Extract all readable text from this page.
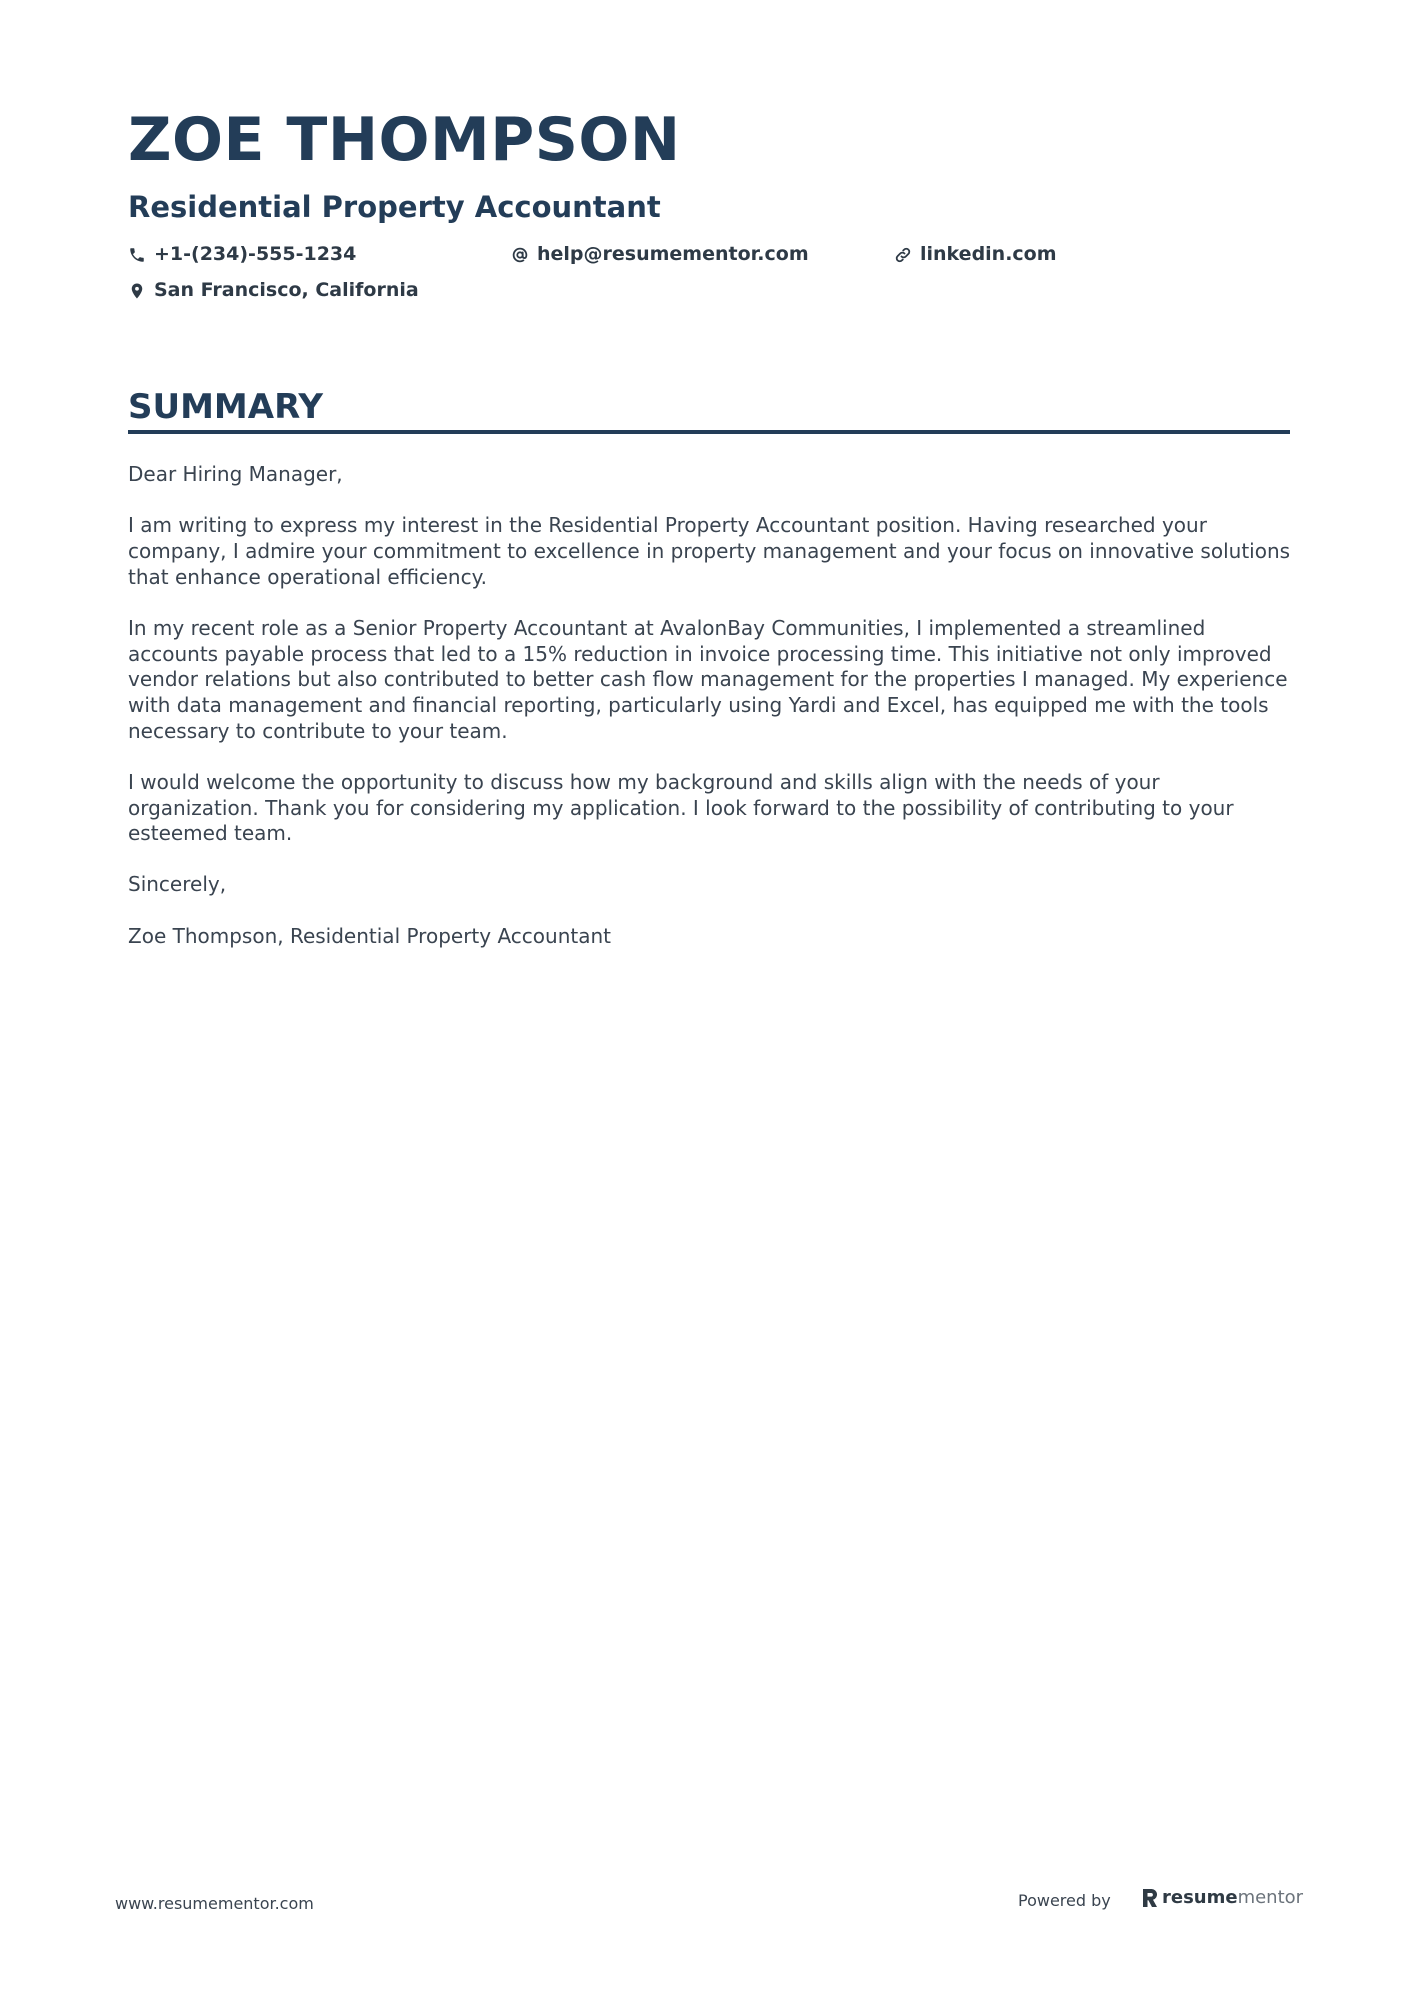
ZOE THOMPSON
Residential Property Accountant
+1-(234)-555-1234	help@resumementor.com	linkedin.com
San Francisco, California
SUMMARY

Dear Hiring Manager,

I am writing to express my interest in the Residential Property Accountant position. Having researched your company, I admire your commitment to excellence in property management and your focus on innovative solutions that enhance operational efficiency.

In my recent role as a Senior Property Accountant at AvalonBay Communities, I implemented a streamlined accounts payable process that led to a 15% reduction in invoice processing time. This initiative not only improved vendor relations but also contributed to better cash flow management for the properties I managed. My experience with data management and financial reporting, particularly using Yardi and Excel, has equipped me with the tools necessary to contribute to your team.

I would welcome the opportunity to discuss how my background and skills align with the needs of your organization. Thank you for considering my application. I look forward to the possibility of contributing to your esteemed team.

Sincerely,

Zoe Thompson, Residential Property Accountant

www.resumementor.com	Powered by	resume mentor
